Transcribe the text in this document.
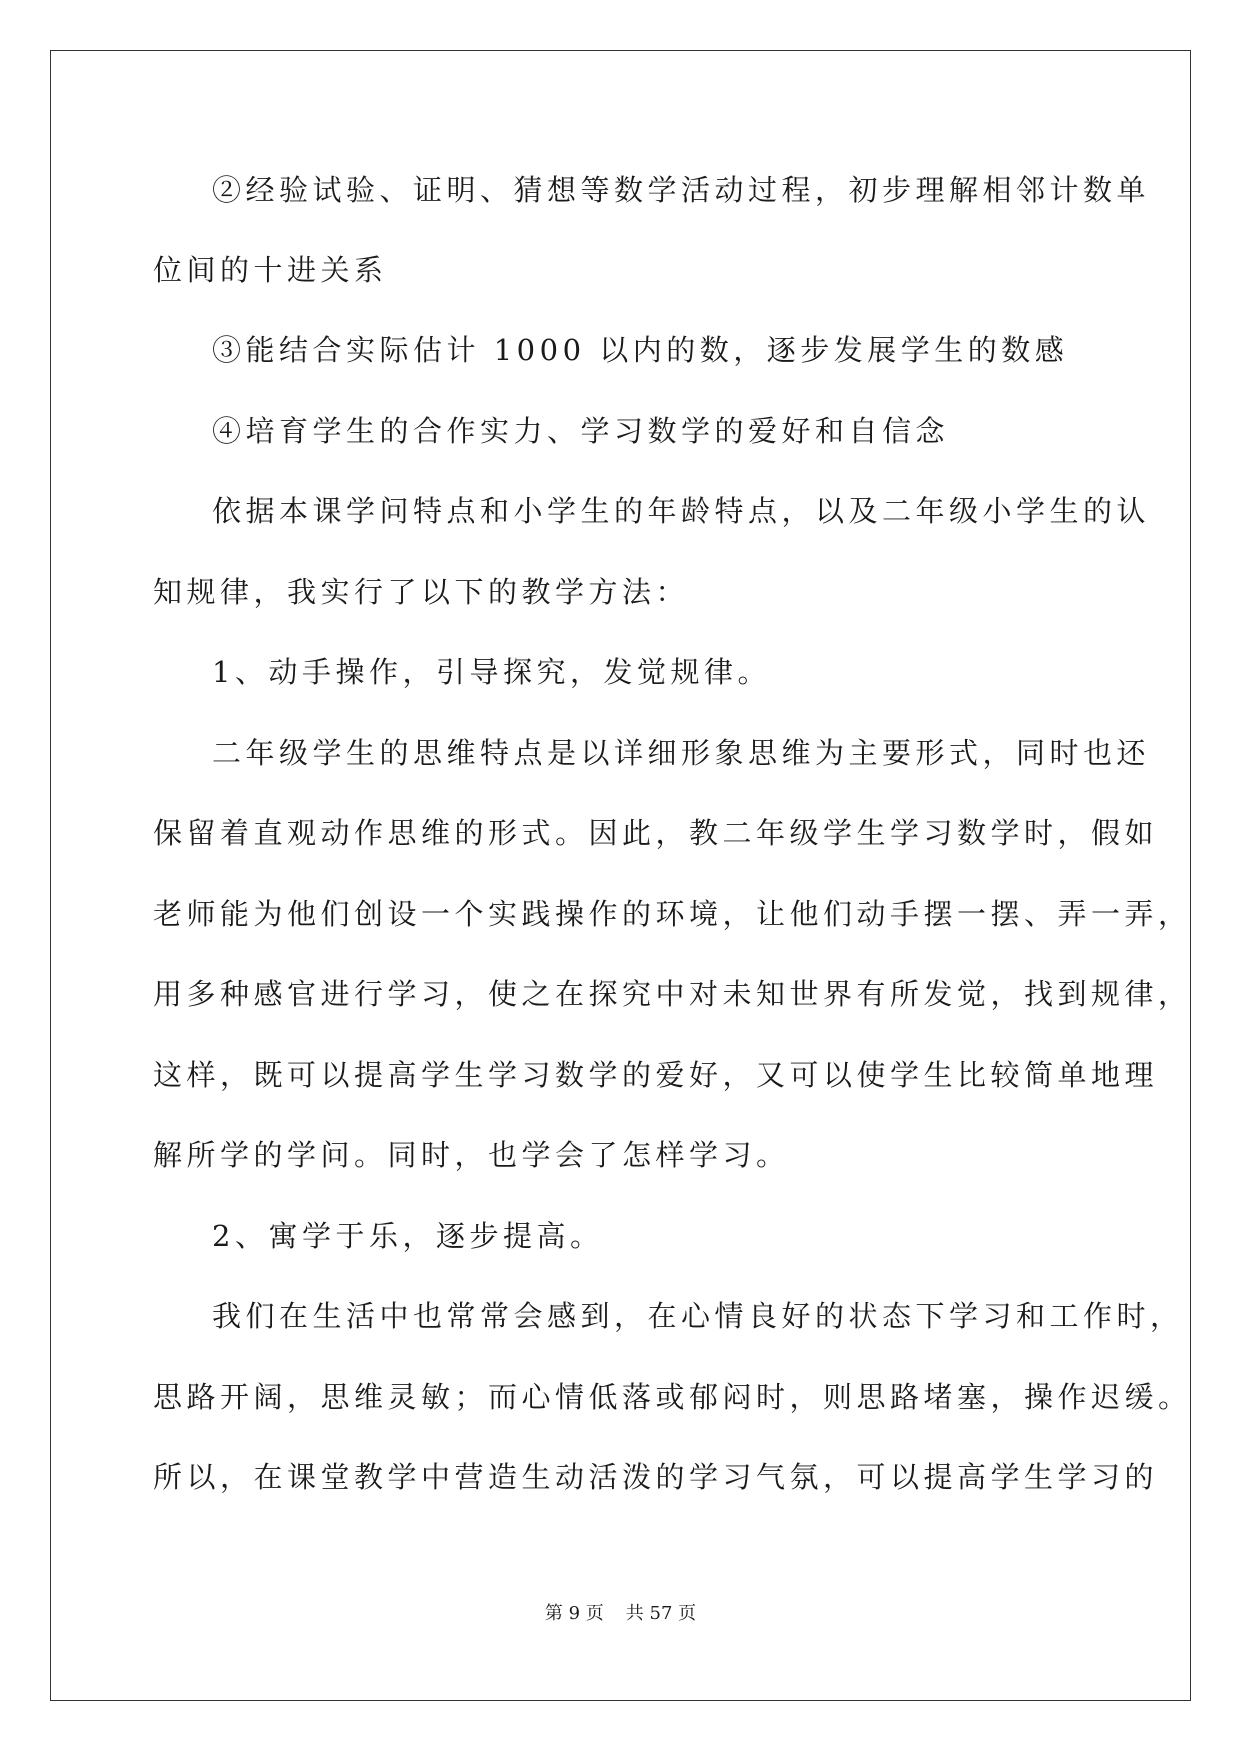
②经验试验、证明、猜想等数学活动过程，初步理解相邻计数单
位间的十进关系
③能结合实际估计 1000 以内的数，逐步发展学生的数感
④培育学生的合作实力、学习数学的爱好和自信念
依据本课学问特点和小学生的年龄特点，以及二年级小学生的认
知规律，我实行了以下的教学方法：
1、动手操作，引导探究，发觉规律。
二年级学生的思维特点是以详细形象思维为主要形式，同时也还
保留着直观动作思维的形式。因此，教二年级学生学习数学时，假如
老师能为他们创设一个实践操作的环境，让他们动手摆一摆、弄一弄，
用多种感官进行学习，使之在探究中对未知世界有所发觉，找到规律，
这样，既可以提高学生学习数学的爱好，又可以使学生比较简单地理
解所学的学问。同时，也学会了怎样学习。
2、寓学于乐，逐步提高。
我们在生活中也常常会感到，在心情良好的状态下学习和工作时，
思路开阔，思维灵敏；而心情低落或郁闷时，则思路堵塞，操作迟缓。
所以，在课堂教学中营造生动活泼的学习气氛，可以提高学生学习的
第 9 页 共 57 页
